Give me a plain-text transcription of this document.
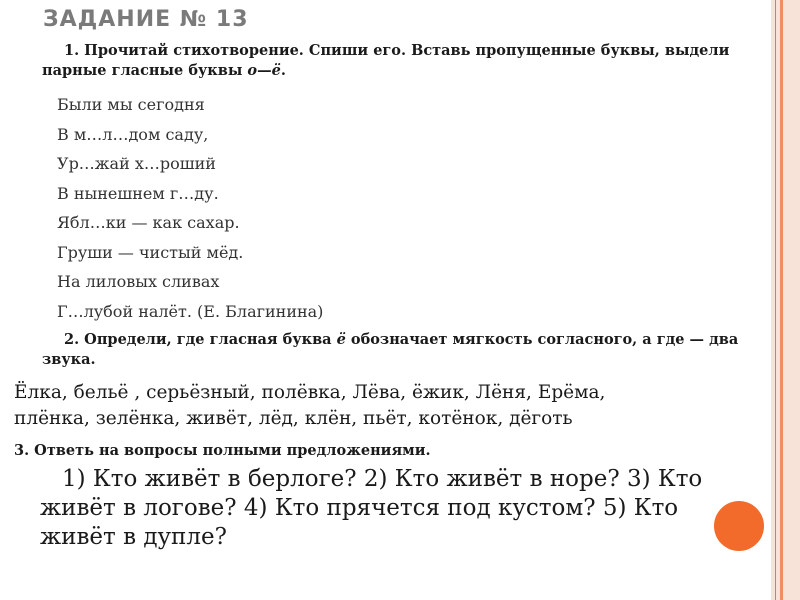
ЗАДАНИЕ № 13
1. Прочитай стихотворение. Спиши его. Вставь пропущенные буквы, выдели парные гласные буквы о—ё.
Были мы сегодня
В м…л…дом саду,
Ур…жай х…роший
В нынешнем г…ду.
Ябл…ки — как сахар.
Груши — чистый мёд.
На лиловых сливах
Г…лубой налёт. (Е. Благинина)
2. Определи, где гласная буква ё обозначает мягкость согласного, а где — два звука.
Ёлка, бельё , серьёзный, полёвка, Лёва, ёжик, Лёня, Ерёма,
плёнка, зелёнка, живёт, лёд, клён, пьёт, котёнок, дёготь
3. Ответь на вопросы полными предложениями.
1) Кто живёт в берлоге? 2) Кто живёт в норе? 3) Кто живёт в логове? 4) Кто прячется под кустом? 5) Кто живёт в дупле?
